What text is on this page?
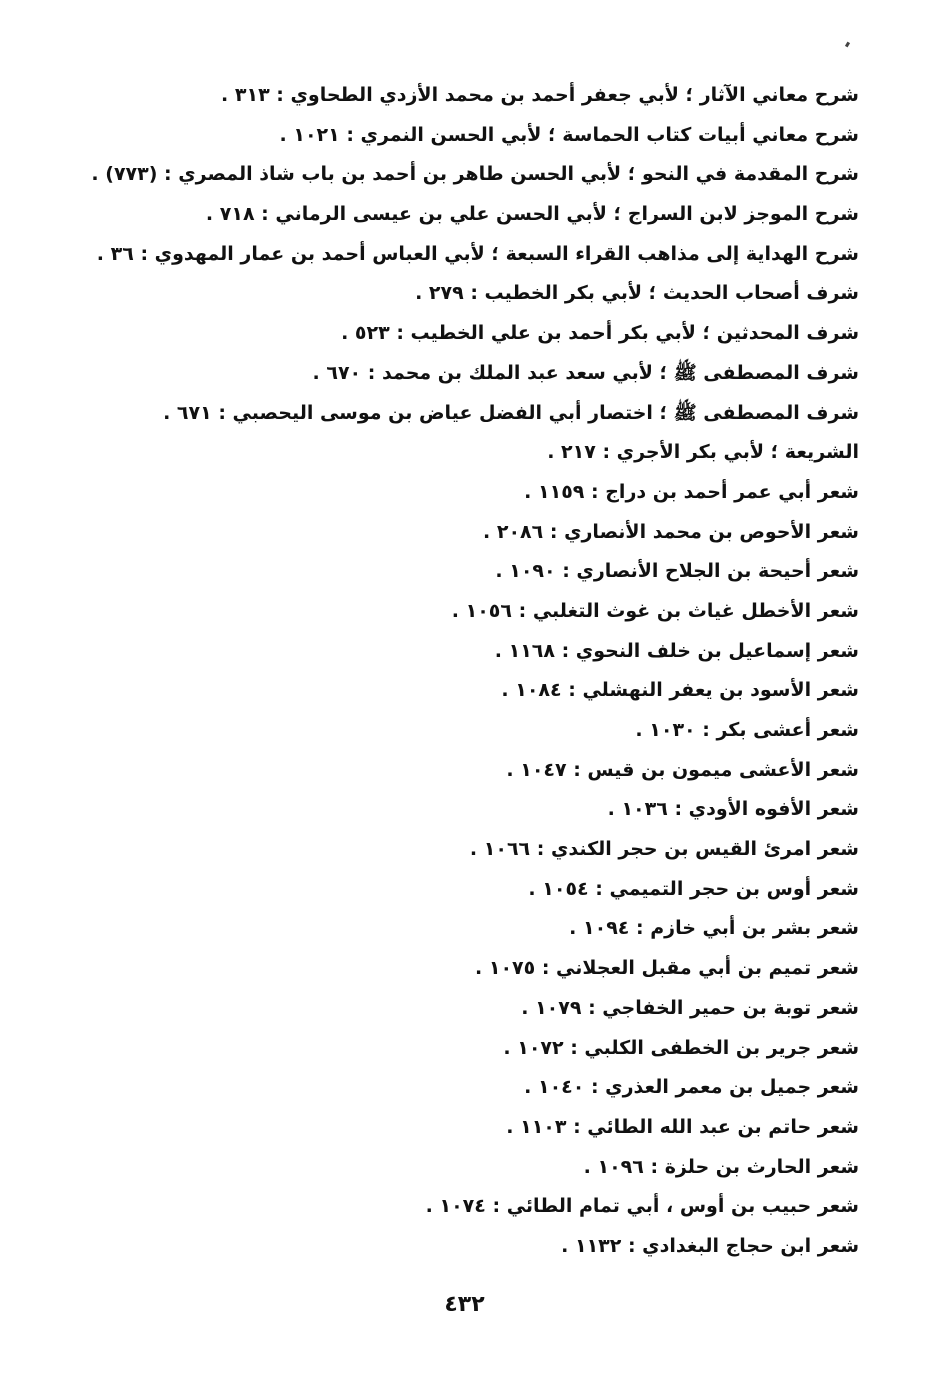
شرح معاني الآثار ؛ لأبي جعفر أحمد بن محمد الأزدي الطحاوي : ٣١٣ .
شرح معاني أبيات كتاب الحماسة ؛ لأبي الحسن النمري : ١٠٢١ .
شرح المقدمة في النحو ؛ لأبي الحسن طاهر بن أحمد بن باب شاذ المصري : (٧٧٣) .
شرح الموجز لابن السراج ؛ لأبي الحسن علي بن عيسى الرماني : ٧١٨ .
شرح الهداية إلى مذاهب القراء السبعة ؛ لأبي العباس أحمد بن عمار المهدوي : ٣٦ .
شرف أصحاب الحديث ؛ لأبي بكر الخطيب : ٢٧٩ .
شرف المحدثين ؛ لأبي بكر أحمد بن علي الخطيب : ٥٢٣ .
شرف المصطفى ﷺ ؛ لأبي سعد عبد الملك بن محمد : ٦٧٠ .
شرف المصطفى ﷺ ؛ اختصار أبي الفضل عياض بن موسى اليحصبي : ٦٧١ .
الشريعة ؛ لأبي بكر الأجري : ٢١٧ .
شعر أبي عمر أحمد بن دراج : ١١٥٩ .
شعر الأحوص بن محمد الأنصاري : ٢٠٨٦ .
شعر أحيحة بن الجلاح الأنصاري : ١٠٩٠ .
شعر الأخطل غياث بن غوث التغلبي : ١٠٥٦ .
شعر إسماعيل بن خلف النحوي : ١١٦٨ .
شعر الأسود بن يعفر النهشلي : ١٠٨٤ .
شعر أعشى بكر : ١٠٣٠ .
شعر الأعشى ميمون بن قيس : ١٠٤٧ .
شعر الأفوه الأودي : ١٠٣٦ .
شعر امرئ القيس بن حجر الكندي : ١٠٦٦ .
شعر أوس بن حجر التميمي : ١٠٥٤ .
شعر بشر بن أبي خازم : ١٠٩٤ .
شعر تميم بن أبي مقبل العجلاني : ١٠٧٥ .
شعر توبة بن حمير الخفاجي : ١٠٧٩ .
شعر جرير بن الخطفى الكلبي : ١٠٧٢ .
شعر جميل بن معمر العذري : ١٠٤٠ .
شعر حاتم بن عبد الله الطائي : ١١٠٣ .
شعر الحارث بن حلزة : ١٠٩٦ .
شعر حبيب بن أوس ، أبي تمام الطائي : ١٠٧٤ .
شعر ابن حجاج البغدادي : ١١٣٢ .
٤٣٢
